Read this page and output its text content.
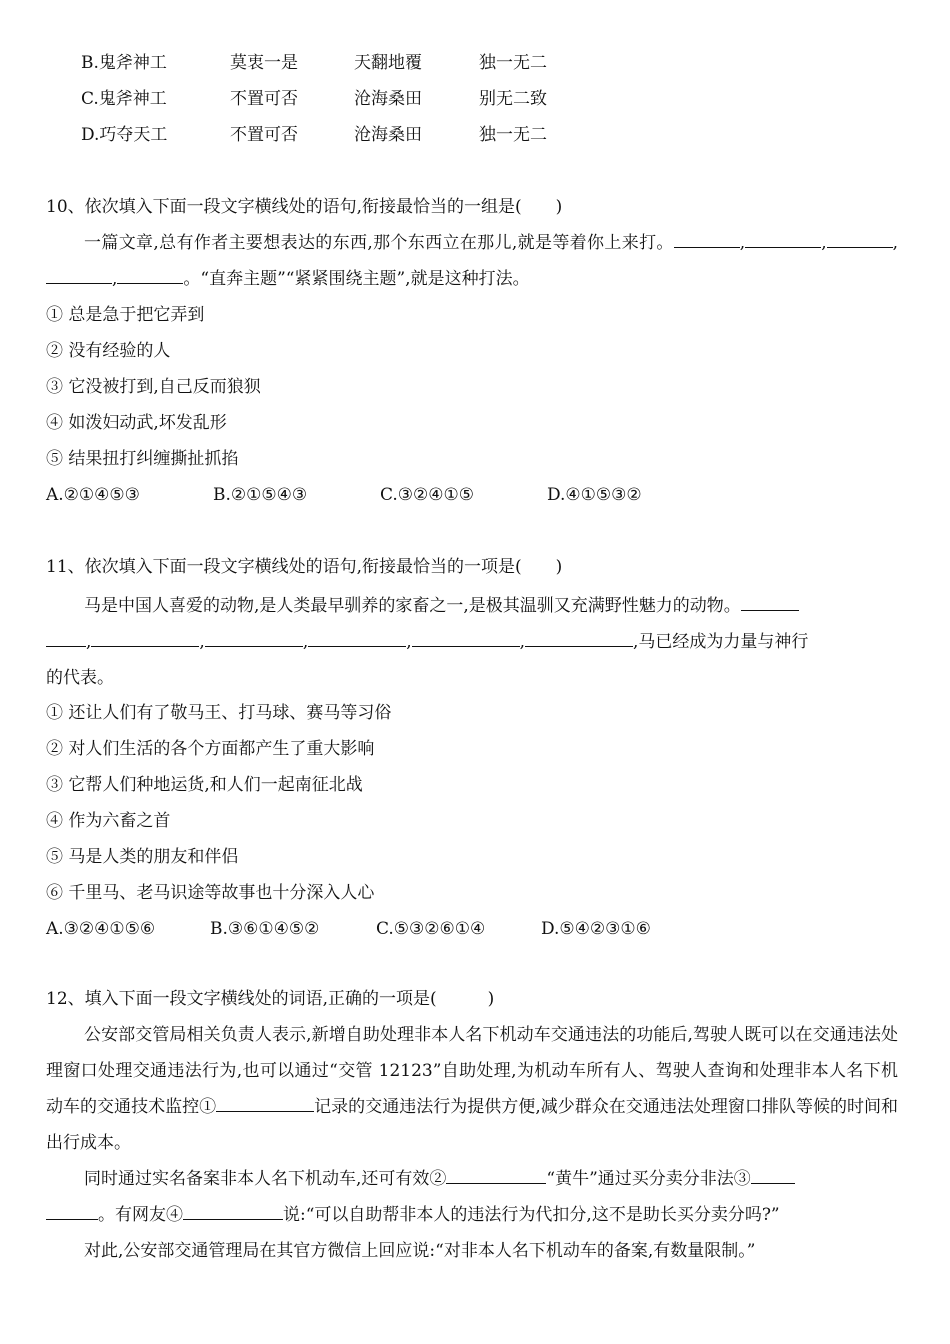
B.鬼斧神工	莫衷一是	天翻地覆	独一无二
C.鬼斧神工	不置可否	沧海桑田	别无二致
D.巧夺天工	不置可否	沧海桑田	独一无二
10、依次填入下面一段文字横线处的语句,衔接最恰当的一组是(　　)
一篇文章,总有作者主要想表达的东西,那个东西立在那儿,就是等着你上来打。	,	,	,,	。“直奔主题”“紧紧围绕主题”,就是这种打法。
① 总是急于把它弄到
② 没有经验的人
③ 它没被打到,自己反而狼狈
④ 如泼妇动武,坏发乱形
⑤ 结果扭打纠缠撕扯抓掐
A.②①④⑤③	B.②①⑤④③	C.③②④①⑤	D.④①⑤③②
11、依次填入下面一段文字横线处的语句,衔接最恰当的一项是(　　)
马是中国人喜爱的动物,是人类最早驯养的家畜之一,是极其温驯又充满野性魅力的动物。
,	,	,	,	,	,马已经成为力量与神行
的代表。
① 还让人们有了敬马王、打马球、赛马等习俗
② 对人们生活的各个方面都产生了重大影响
③ 它帮人们种地运货,和人们一起南征北战
④ 作为六畜之首
⑤ 马是人类的朋友和伴侣
⑥ 千里马、老马识途等故事也十分深入人心
A.③②④①⑤⑥	B.③⑥①④⑤②	C.⑤③②⑥①④	D.⑤④②③①⑥
12、填入下面一段文字横线处的词语,正确的一项是(　　　)
公安部交管局相关负责人表示,新增自助处理非本人名下机动车交通违法的功能后,驾驶人既可以在交通违法处理窗口处理交通违法行为,也可以通过“交管 12123”自助处理,为机动车所有人、驾驶人查询和处理非本人名下机动车的交通技术监控①	记录的交通违法行为提供方便,减少群众在交通违法处理窗口排队等候的时间和出行成本。
同时通过实名备案非本人名下机动车,还可有效②	“黄牛”通过买分卖分非法③
。有网友④	说:“可以自助帮非本人的违法行为代扣分,这不是助长买分卖分吗?”
对此,公安部交通管理局在其官方微信上回应说:“对非本人名下机动车的备案,有数量限制。”
